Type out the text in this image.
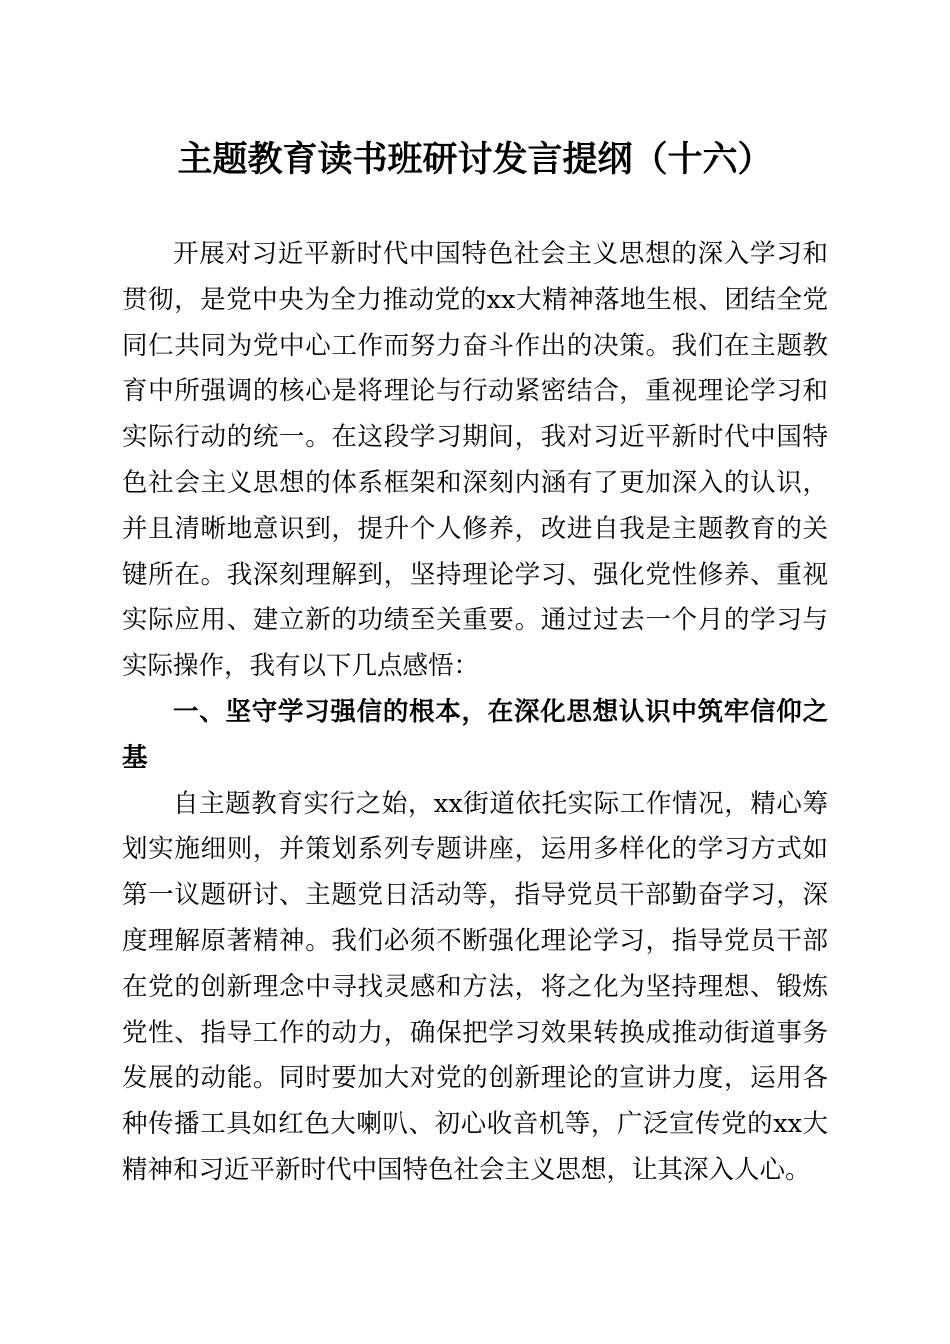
主题教育读书班研讨发言提纲（十六）

开展对习近平新时代中国特色社会主义思想的深入学习和贯彻，是党中央为全力推动党的xx大精神落地生根、团结全党同仁共同为党中心工作而努力奋斗作出的决策。我们在主题教育中所强调的核心是将理论与行动紧密结合，重视理论学习和实际行动的统一。在这段学习期间，我对习近平新时代中国特色社会主义思想的体系框架和深刻内涵有了更加深入的认识，并且清晰地意识到，提升个人修养，改进自我是主题教育的关键所在。我深刻理解到，坚持理论学习、强化党性修养、重视实际应用、建立新的功绩至关重要。通过过去一个月的学习与实际操作，我有以下几点感悟：

一、坚守学习强信的根本，在深化思想认识中筑牢信仰之基

自主题教育实行之始，xx街道依托实际工作情况，精心筹划实施细则，并策划系列专题讲座，运用多样化的学习方式如第一议题研讨、主题党日活动等，指导党员干部勤奋学习，深度理解原著精神。我们必须不断强化理论学习，指导党员干部在党的创新理念中寻找灵感和方法，将之化为坚持理想、锻炼党性、指导工作的动力，确保把学习效果转换成推动街道事务发展的动能。同时要加大对党的创新理论的宣讲力度，运用各种传播工具如红色大喇叭、初心收音机等，广泛宣传党的xx大精神和习近平新时代中国特色社会主义思想，让其深入人心。
